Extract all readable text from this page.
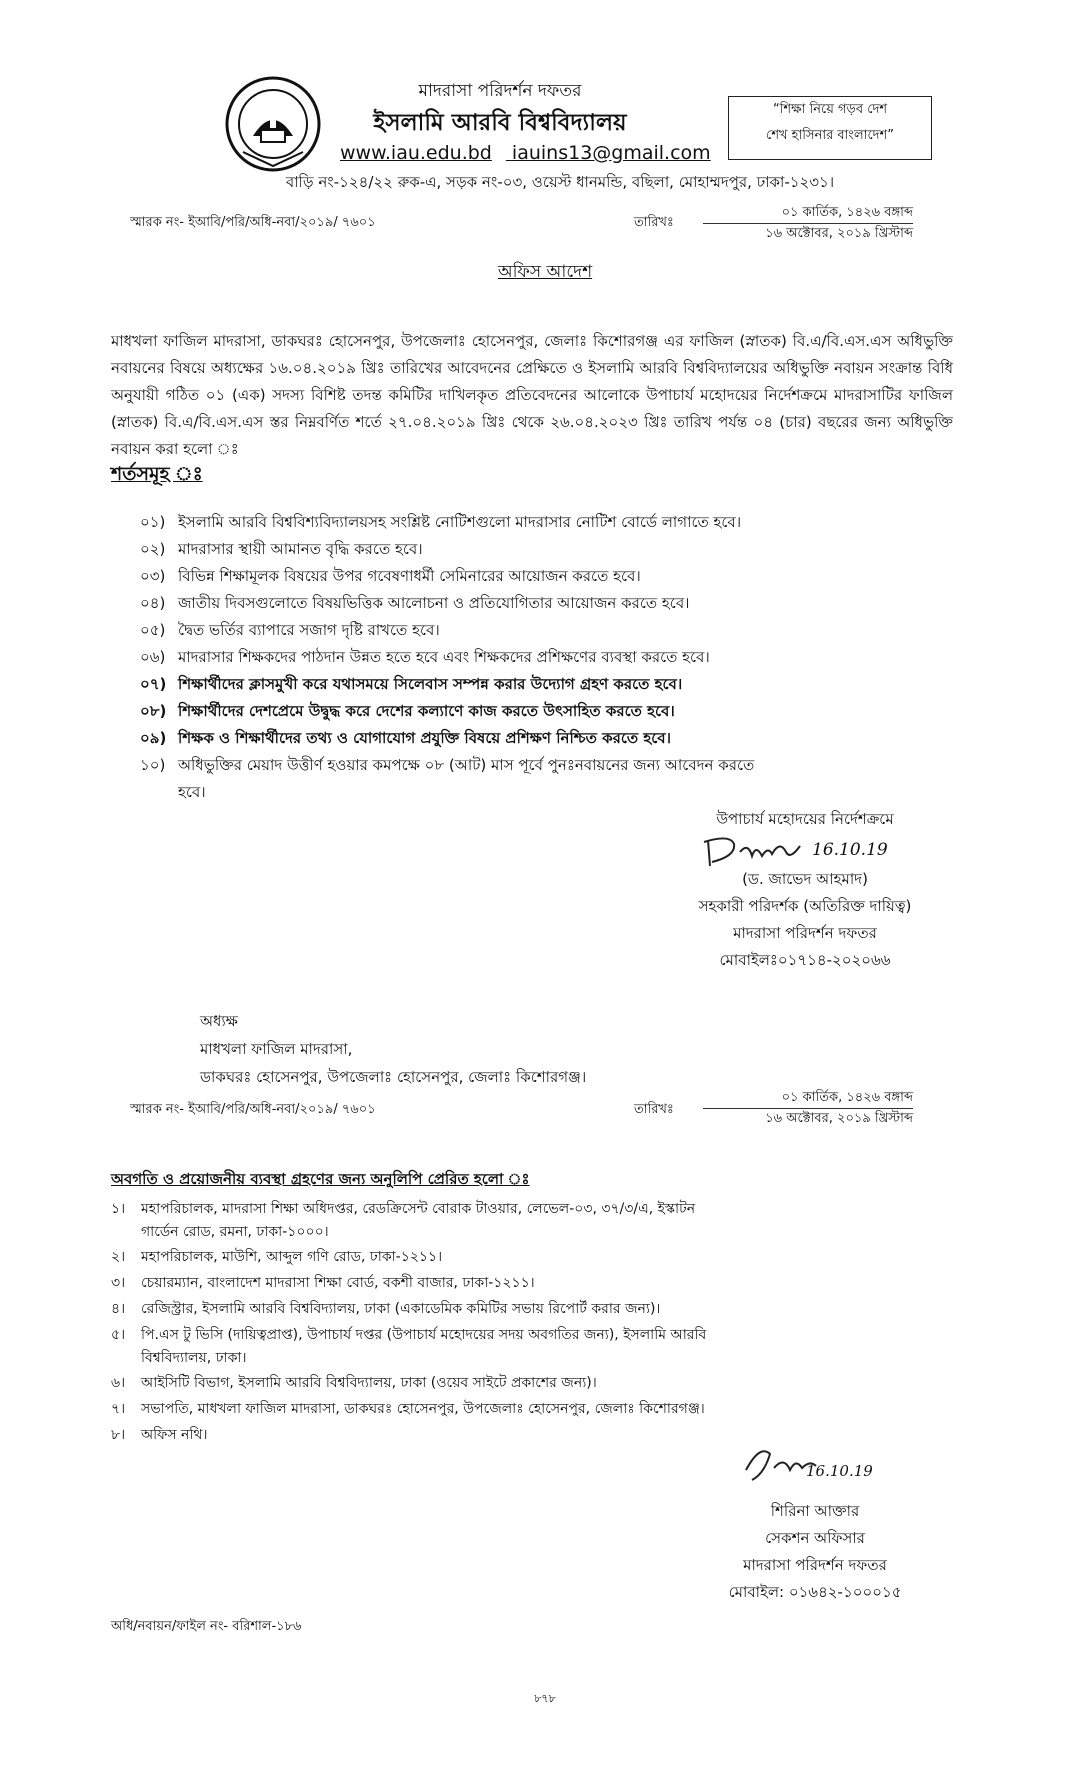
মাদরাসা পরিদর্শন দফতর
ইসলামি আরবি বিশ্ববিদ্যালয়
www.iau.edu.bd iauins13@gmail.com
“শিক্ষা নিয়ে গড়ব দেশ
শেখ হাসিনার বাংলাদেশ”
বাড়ি নং-১২৪/২২ রুক-এ, সড়ক নং-০৩, ওয়েস্ট ধানমন্ডি, বছিলা, মোহাম্মদপুর, ঢাকা-১২৩১।
স্মারক নং- ইআবি/পরি/অধি-নবা/২০১৯/ ৭৬০১	তারিখঃ
০১ কার্তিক, ১৪২৬ বঙ্গাব্দ
১৬ অক্টোবর, ২০১৯ খ্রিস্টাব্দ
অফিস আদেশ
মাধখলা ফাজিল মাদরাসা, ডাকঘরঃ হোসেনপুর, উপজেলাঃ হোসেনপুর, জেলাঃ কিশোরগঞ্জ এর ফাজিল (স্নাতক) বি.এ/বি.এস.এস অধিভুক্তি নবায়নের বিষয়ে অধ্যক্ষের ১৬.০৪.২০১৯ খ্রিঃ তারিখের আবেদনের প্রেক্ষিতে ও ইসলামি আরবি বিশ্ববিদ্যালয়ের অধিভুক্তি নবায়ন সংক্রান্ত বিধি অনুযায়ী গঠিত ০১ (এক) সদস্য বিশিষ্ট তদন্ত কমিটির দাখিলকৃত প্রতিবেদনের আলোকে উপাচার্য মহোদয়ের নির্দেশক্রমে মাদরাসাটির ফাজিল (স্নাতক) বি.এ/বি.এস.এস স্তর নিম্নবর্ণিত শর্তে ২৭.০৪.২০১৯ খ্রিঃ থেকে ২৬.০৪.২০২৩ খ্রিঃ তারিখ পর্যন্ত ০৪ (চার) বছরের জন্য অধিভুক্তি নবায়ন করা হলো ঃ
শর্তসমূহ ঃ
০১) ইসলামি আরবি বিশ্ববিশ্যবিদ্যালয়সহ সংশ্লিষ্ট নোটিশগুলো মাদরাসার নোটিশ বোর্ডে লাগাতে হবে।
০২) মাদরাসার স্থায়ী আমানত বৃদ্ধি করতে হবে।
০৩) বিভিন্ন শিক্ষামূলক বিষয়ের উপর গবেষণাধর্মী সেমিনারের আয়োজন করতে হবে।
০৪) জাতীয় দিবসগুলোতে বিষয়ভিত্তিক আলোচনা ও প্রতিযোগিতার আয়োজন করতে হবে।
০৫) দ্বৈত ভর্তির ব্যাপারে সজাগ দৃষ্টি রাখতে হবে।
০৬) মাদরাসার শিক্ষকদের পাঠদান উন্নত হতে হবে এবং শিক্ষকদের প্রশিক্ষণের ব্যবস্থা করতে হবে।
০৭) শিক্ষার্থীদের ক্লাসমুখী করে যথাসময়ে সিলেবাস সম্পন্ন করার উদ্যোগ গ্রহণ করতে হবে।
০৮) শিক্ষার্থীদের দেশপ্রেমে উদ্বুদ্ধ করে দেশের কল্যাণে কাজ করতে উৎসাহিত করতে হবে।
০৯) শিক্ষক ও শিক্ষার্থীদের তথ্য ও যোগাযোগ প্রযুক্তি বিষয়ে প্রশিক্ষণ নিশ্চিত করতে হবে।
১০) অধিভুক্তির মেয়াদ উত্তীর্ণ হওয়ার কমপক্ষে ০৮ (আট) মাস পূর্বে পুনঃনবায়নের জন্য আবেদন করতে
হবে।
উপাচার্য মহোদয়ের নির্দেশক্রমে
16.10.19
(ড. জাভেদ আহমাদ)
সহকারী পরিদর্শক (অতিরিক্ত দায়িত্ব)
মাদরাসা পরিদর্শন দফতর
মোবাইলঃ০১৭১৪-২০২০৬৬
অধ্যক্ষ
মাধখলা ফাজিল মাদরাসা,
ডাকঘরঃ হোসেনপুর, উপজেলাঃ হোসেনপুর, জেলাঃ কিশোরগঞ্জ।
স্মারক নং- ইআবি/পরি/অধি-নবা/২০১৯/ ৭৬০১	তারিখঃ
০১ কার্তিক, ১৪২৬ বঙ্গাব্দ
১৬ অক্টোবর, ২০১৯ খ্রিস্টাব্দ
অবগতি ও প্রয়োজনীয় ব্যবস্থা গ্রহণের জন্য অনুলিপি প্রেরিত হলো ঃ
১। মহাপরিচালক, মাদরাসা শিক্ষা অধিদপ্তর, রেডক্রিসেন্ট বোরাক টাওয়ার, লেভেল-০৩, ৩৭/৩/এ, ইস্কাটন
গার্ডেন রোড, রমনা, ঢাকা-১০০০।
২। মহাপরিচালক, মাউশি, আব্দুল গণি রোড, ঢাকা-১২১১।
৩। চেয়ারম্যান, বাংলাদেশ মাদরাসা শিক্ষা বোর্ড, বকশী বাজার, ঢাকা-১২১১।
৪। রেজিস্ট্রার, ইসলামি আরবি বিশ্ববিদ্যালয়, ঢাকা (একাডেমিক কমিটির সভায় রিপোর্ট করার জন্য)।
৫। পি.এস টু ভিসি (দায়িত্বপ্রাপ্ত), উপাচার্য দপ্তর (উপাচার্য মহোদয়ের সদয় অবগতির জন্য), ইসলামি আরবি
বিশ্ববিদ্যালয়, ঢাকা।
৬। আইসিটি বিভাগ, ইসলামি আরবি বিশ্ববিদ্যালয়, ঢাকা (ওয়েব সাইটে প্রকাশের জন্য)।
৭। সভাপতি, মাধখলা ফাজিল মাদরাসা, ডাকঘরঃ হোসেনপুর, উপজেলাঃ হোসেনপুর, জেলাঃ কিশোরগঞ্জ।
৮। অফিস নথি।
16.10.19
শিরিনা আক্তার
সেকশন অফিসার
মাদরাসা পরিদর্শন দফতর
মোবাইল: ০১৬৪২-১০০০১৫
অধি/নবায়ন/ফাইল নং- বরিশাল-১৮৬
৮৭৮
